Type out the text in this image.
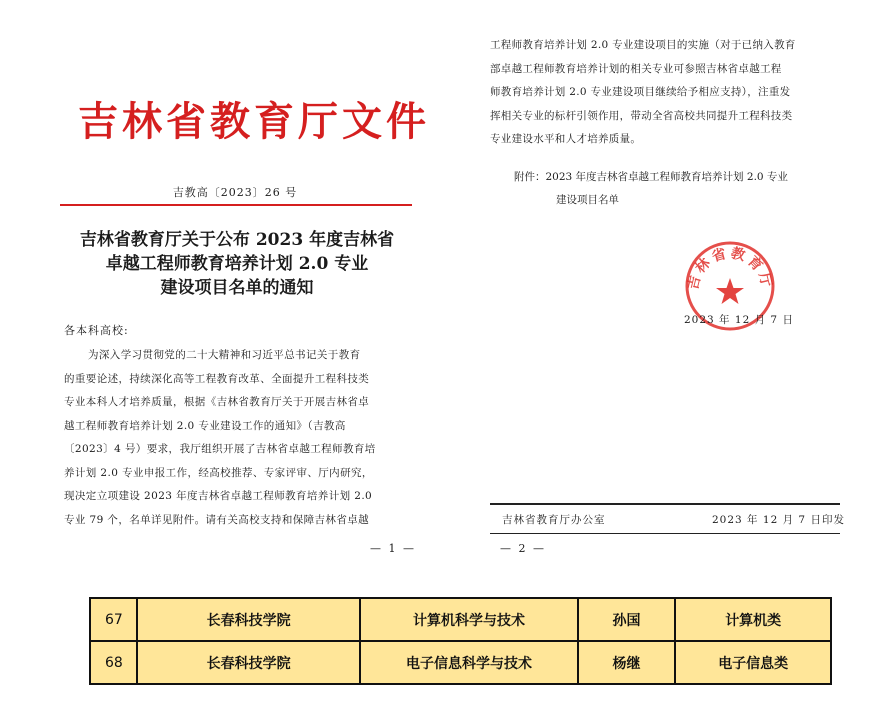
吉林省教育厅文件
吉教高〔2023〕26 号
吉林省教育厅关于公布 2023 年度吉林省
卓越工程师教育培养计划 2.0 专业
建设项目名单的通知
各本科高校:
为深入学习贯彻党的二十大精神和习近平总书记关于教育
的重要论述，持续深化高等工程教育改革、全面提升工程科技类
专业本科人才培养质量，根据《吉林省教育厅关于开展吉林省卓
越工程师教育培养计划 2.0 专业建设工作的通知》（吉教高
〔2023〕4 号）要求，我厅组织开展了吉林省卓越工程师教育培
养计划 2.0 专业申报工作，经高校推荐、专家评审、厅内研究，
现决定立项建设 2023 年度吉林省卓越工程师教育培养计划 2.0
专业 79 个，名单详见附件。请有关高校支持和保障吉林省卓越
— 1 —
工程师教育培养计划 2.0 专业建设项目的实施（对于已纳入教育
部卓越工程师教育培养计划的相关专业可参照吉林省卓越工程
师教育培养计划 2.0 专业建设项目继续给予相应支持），注重发
挥相关专业的标杆引领作用，带动全省高校共同提升工程科技类
专业建设水平和人才培养质量。
附件：2023 年度吉林省卓越工程师教育培养计划 2.0 专业
建设项目名单
吉林省教育厅
2023 年 12 月 7 日
吉林省教育厅办公室	2023 年 12 月 7 日印发
— 2 —
67	长春科技学院	计算机科学与技术	孙国	计算机类
68	长春科技学院	电子信息科学与技术	杨继	电子信息类
